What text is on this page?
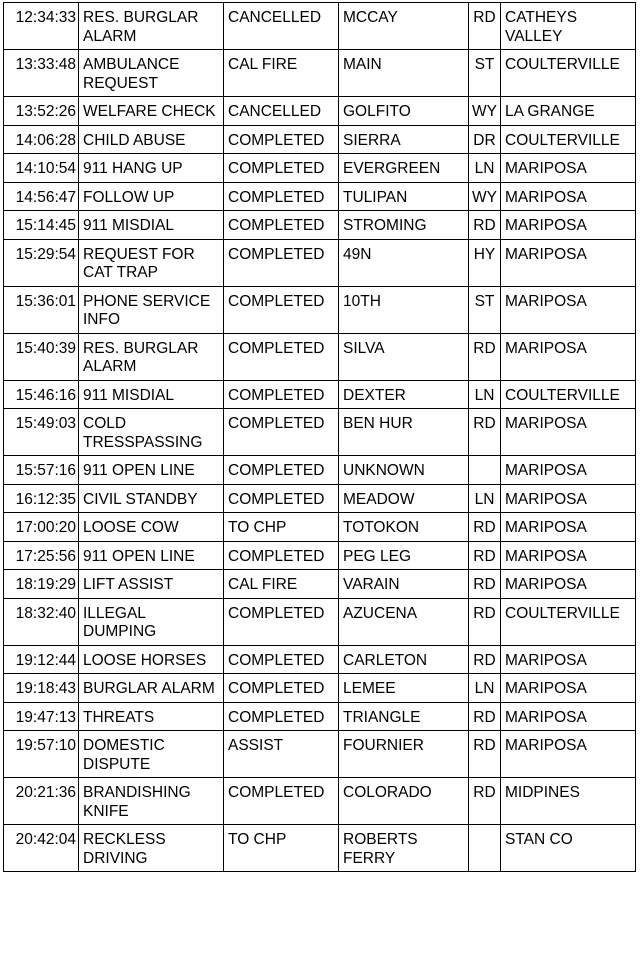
12:34:33	RES. BURGLAR ALARM	CANCELLED	MCCAY	RD	CATHEYS VALLEY
13:33:48	AMBULANCE REQUEST	CAL FIRE	MAIN	ST	COULTERVILLE
13:52:26	WELFARE CHECK	CANCELLED	GOLFITO	WY	LA GRANGE
14:06:28	CHILD ABUSE	COMPLETED	SIERRA	DR	COULTERVILLE
14:10:54	911 HANG UP	COMPLETED	EVERGREEN	LN	MARIPOSA
14:56:47	FOLLOW UP	COMPLETED	TULIPAN	WY	MARIPOSA
15:14:45	911 MISDIAL	COMPLETED	STROMING	RD	MARIPOSA
15:29:54	REQUEST FOR CAT TRAP	COMPLETED	49N	HY	MARIPOSA
15:36:01	PHONE SERVICE INFO	COMPLETED	10TH	ST	MARIPOSA
15:40:39	RES. BURGLAR ALARM	COMPLETED	SILVA	RD	MARIPOSA
15:46:16	911 MISDIAL	COMPLETED	DEXTER	LN	COULTERVILLE
15:49:03	COLD TRESSPASSING	COMPLETED	BEN HUR	RD	MARIPOSA
15:57:16	911 OPEN LINE	COMPLETED	UNKNOWN		MARIPOSA
16:12:35	CIVIL STANDBY	COMPLETED	MEADOW	LN	MARIPOSA
17:00:20	LOOSE COW	TO CHP	TOTOKON	RD	MARIPOSA
17:25:56	911 OPEN LINE	COMPLETED	PEG LEG	RD	MARIPOSA
18:19:29	LIFT ASSIST	CAL FIRE	VARAIN	RD	MARIPOSA
18:32:40	ILLEGAL DUMPING	COMPLETED	AZUCENA	RD	COULTERVILLE
19:12:44	LOOSE HORSES	COMPLETED	CARLETON	RD	MARIPOSA
19:18:43	BURGLAR ALARM	COMPLETED	LEMEE	LN	MARIPOSA
19:47:13	THREATS	COMPLETED	TRIANGLE	RD	MARIPOSA
19:57:10	DOMESTIC DISPUTE	ASSIST	FOURNIER	RD	MARIPOSA
20:21:36	BRANDISHING KNIFE	COMPLETED	COLORADO	RD	MIDPINES
20:42:04	RECKLESS DRIVING	TO CHP	ROBERTS FERRY		STAN CO
